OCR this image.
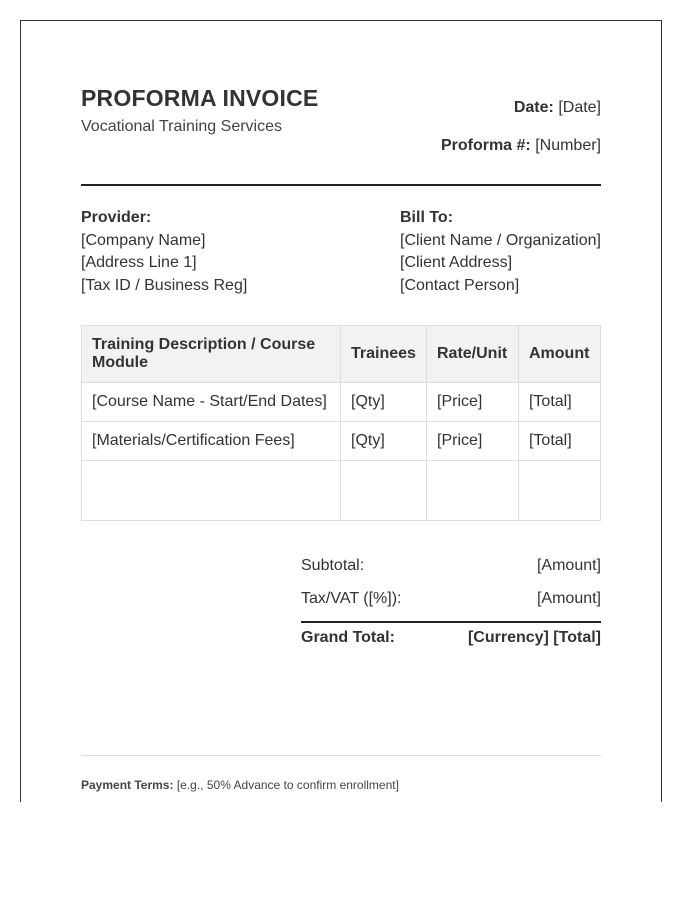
PROFORMA INVOICE
Vocational Training Services
Date: [Date]
Proforma #: [Number]
Provider:
[Company Name]
[Address Line 1]
[Tax ID / Business Reg]
Bill To:
[Client Name / Organization]
[Client Address]
[Contact Person]
Training Description / Course Module	Trainees	Rate/Unit	Amount
[Course Name - Start/End Dates]	[Qty]	[Price]	[Total]
[Materials/Certification Fees]	[Qty]	[Price]	[Total]

Subtotal:	[Amount]
Tax/VAT ([%]):	[Amount]
Grand Total:	[Currency] [Total]
Payment Terms: [e.g., 50% Advance to confirm enrollment]
